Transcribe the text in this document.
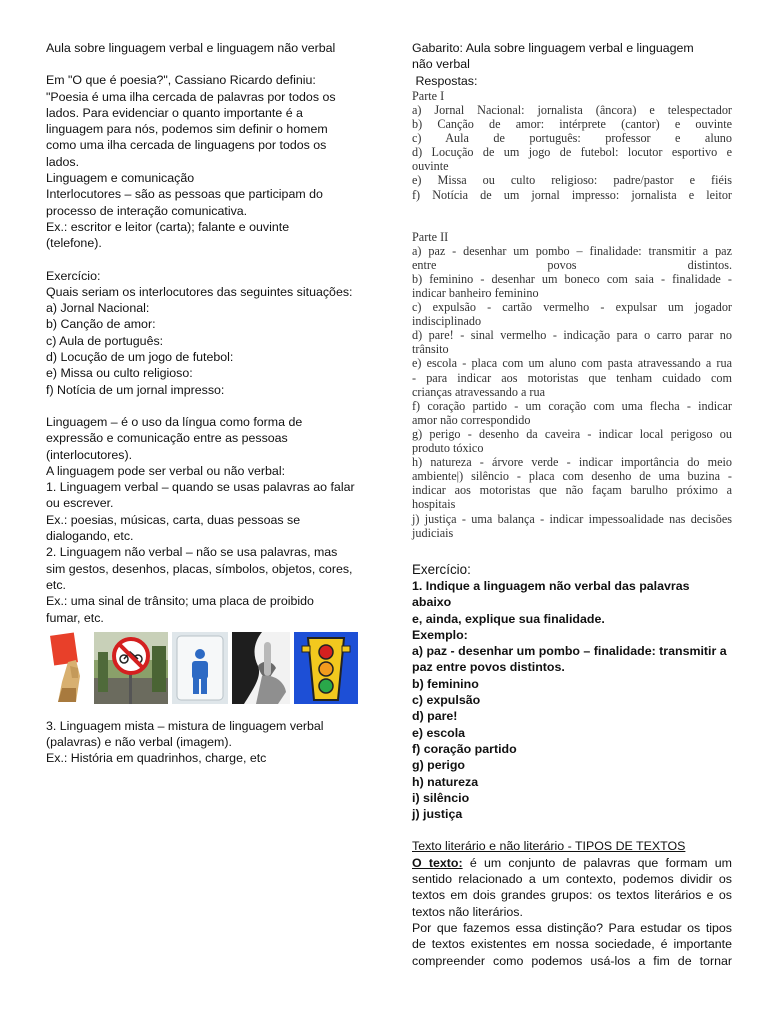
Aula sobre linguagem verbal e linguagem não verbal
Em "O que é poesia?", Cassiano Ricardo definiu:
"Poesia é uma ilha cercada de palavras por todos os
lados. Para evidenciar o quanto importante é a
linguagem para nós, podemos sim definir o homem
como uma ilha cercada de linguagens por todos os
lados.
Linguagem e comunicação
Interlocutores – são as pessoas que participam do
processo de interação comunicativa.
Ex.: escritor e leitor (carta); falante e ouvinte
(telefone).
Exercício:
Quais seriam os interlocutores das seguintes situações:
a) Jornal Nacional:
b) Canção de amor:
c) Aula de português:
d) Locução de um jogo de futebol:
e) Missa ou culto religioso:
f) Notícia de um jornal impresso:
Linguagem – é o uso da língua como forma de
expressão e comunicação entre as pessoas
(interlocutores).
A linguagem pode ser verbal ou não verbal:
1. Linguagem verbal – quando se usas palavras ao falar
ou escrever.
Ex.: poesias, músicas, carta, duas pessoas se
dialogando, etc.
2. Linguagem não verbal – não se usa palavras, mas
sim gestos, desenhos, placas, símbolos, objetos, cores,
etc.
Ex.: uma sinal de trânsito; uma placa de proibido
fumar, etc.
3. Linguagem mista – mistura de linguagem verbal
(palavras) e não verbal (imagem).
Ex.: História em quadrinhos, charge, etc
Gabarito: Aula sobre linguagem verbal e linguagem
não verbal
Respostas:
Parte I
a) Jornal Nacional: jornalista (âncora) e telespectador
b) Canção de amor: intérprete (cantor) e ouvinte
c) Aula de português: professor e aluno
d) Locução de um jogo de futebol: locutor esportivo e
ouvinte
e) Missa ou culto religioso: padre/pastor e fiéis
f) Notícia de um jornal impresso: jornalista e leitor
Parte II
a) paz - desenhar um pombo – finalidade: transmitir a paz
entre povos distintos.
b) feminino - desenhar um boneco com saia - finalidade -
indicar banheiro feminino
c) expulsão - cartão vermelho - expulsar um jogador
indisciplinado
d) pare! - sinal vermelho - indicação para o carro parar no
trânsito
e) escola - placa com um aluno com pasta atravessando a rua
- para indicar aos motoristas que tenham cuidado com
crianças atravessando a rua
f) coração partido - um coração com uma flecha - indicar
amor não correspondido
g) perigo - desenho da caveira - indicar local perigoso ou
produto tóxico
h) natureza - árvore verde - indicar importância do meio
ambiente|) silêncio - placa com desenho de uma buzina -
indicar aos motoristas que não façam barulho próximo a
hospitais
j) justiça - uma balança - indicar impessoalidade nas decisões
judiciais
Exercício:
1. Indique a linguagem não verbal das palavras abaixo
e, ainda, explique sua finalidade.
Exemplo:
a) paz - desenhar um pombo – finalidade: transmitir a
paz entre povos distintos.
b) feminino
c) expulsão
d) pare!
e) escola
f) coração partido
g) perigo
h) natureza
i) silêncio
j) justiça
Texto literário e não literário - TIPOS DE TEXTOS
O texto: é um conjunto de palavras que formam um
sentido relacionado a um contexto, podemos dividir os
textos em dois grandes grupos: os textos literários e os
textos não literários.
Por que fazemos essa distinção? Para estudar os tipos
de textos existentes em nossa sociedade, é importante
compreender como podemos usá-los a fim de tornar
